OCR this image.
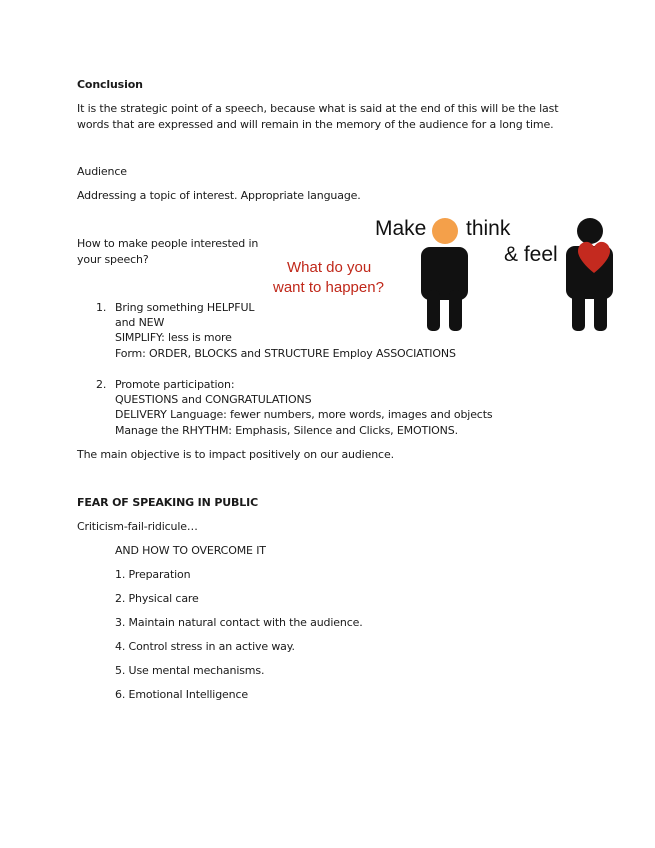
Conclusion
It is the strategic point of a speech, because what is said at the end of this will be the last
words that are expressed and will remain in the memory of the audience for a long time.
Audience
Addressing a topic of interest. Appropriate language.
How to make people interested in
your speech?
Make think
& feel
What do you
want to happen?
1. Bring something HELPFUL
and NEW
SIMPLIFY: less is more
Form: ORDER, BLOCKS and STRUCTURE Employ ASSOCIATIONS
2. Promote participation:
QUESTIONS and CONGRATULATIONS
DELIVERY Language: fewer numbers, more words, images and objects
Manage the RHYTHM: Emphasis, Silence and Clicks, EMOTIONS.
The main objective is to impact positively on our audience.
FEAR OF SPEAKING IN PUBLIC
Criticism-fail-ridicule…
AND HOW TO OVERCOME IT
1. Preparation
2. Physical care
3. Maintain natural contact with the audience.
4. Control stress in an active way.
5. Use mental mechanisms.
6. Emotional Intelligence
